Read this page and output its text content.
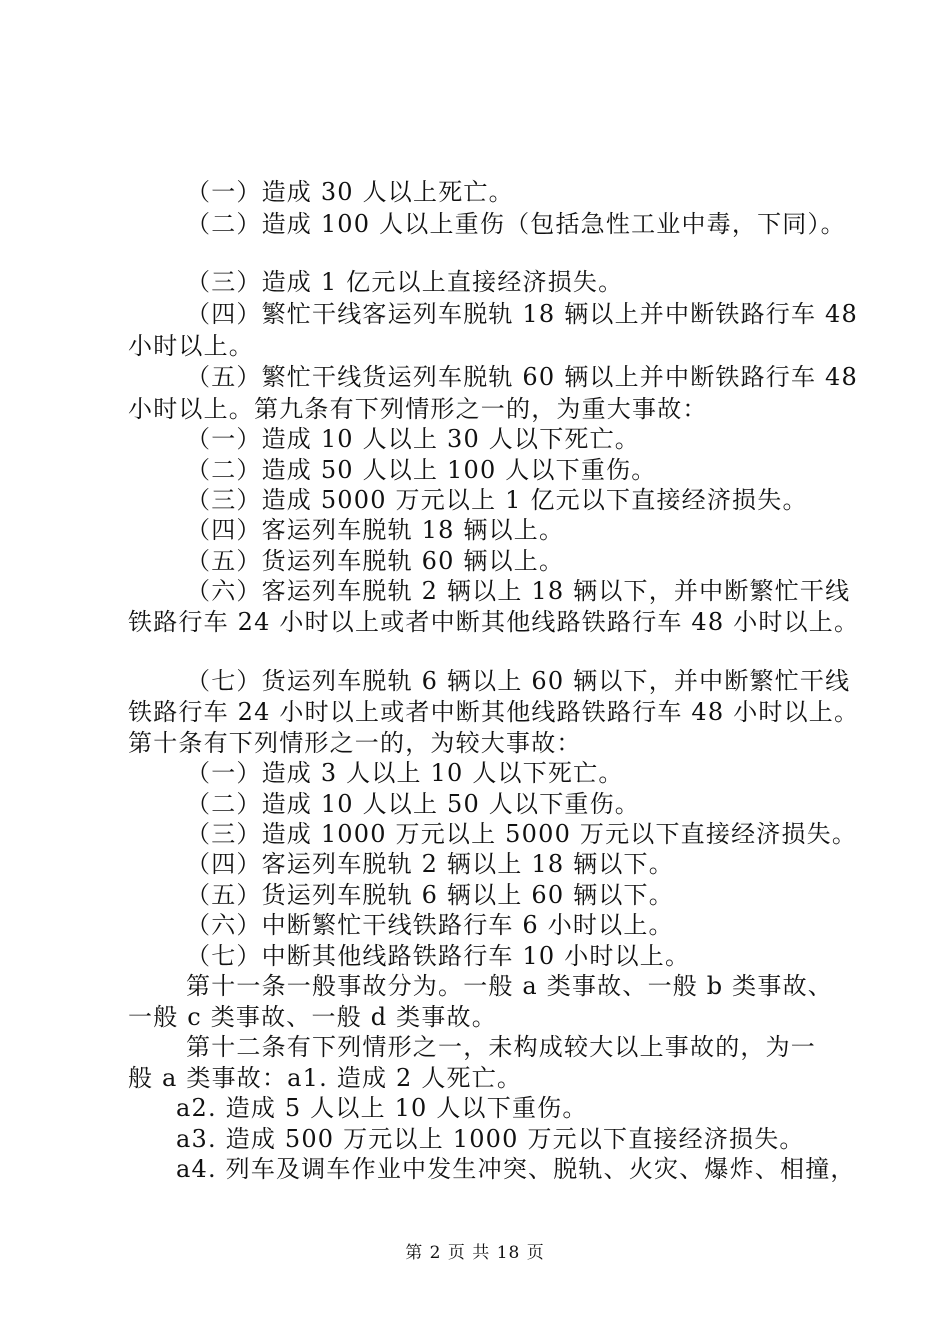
（一）造成 30 人以上死亡。
（二）造成 100 人以上重伤（包括急性工业中毒，下同）。
（三）造成 1 亿元以上直接经济损失。
（四）繁忙干线客运列车脱轨 18 辆以上并中断铁路行车 48
小时以上。
（五）繁忙干线货运列车脱轨 60 辆以上并中断铁路行车 48
小时以上。第九条有下列情形之一的，为重大事故：
（一）造成 10 人以上 30 人以下死亡。
（二）造成 50 人以上 100 人以下重伤。
（三）造成 5000 万元以上 1 亿元以下直接经济损失。
（四）客运列车脱轨 18 辆以上。
（五）货运列车脱轨 60 辆以上。
（六）客运列车脱轨 2 辆以上 18 辆以下，并中断繁忙干线
铁路行车 24 小时以上或者中断其他线路铁路行车 48 小时以上。
（七）货运列车脱轨 6 辆以上 60 辆以下，并中断繁忙干线
铁路行车 24 小时以上或者中断其他线路铁路行车 48 小时以上。
第十条有下列情形之一的，为较大事故：
（一）造成 3 人以上 10 人以下死亡。
（二）造成 10 人以上 50 人以下重伤。
（三）造成 1000 万元以上 5000 万元以下直接经济损失。
（四）客运列车脱轨 2 辆以上 18 辆以下。
（五）货运列车脱轨 6 辆以上 60 辆以下。
（六）中断繁忙干线铁路行车 6 小时以上。
（七）中断其他线路铁路行车 10 小时以上。
第十一条一般事故分为。一般 a 类事故、一般 b 类事故、
一般 c 类事故、一般 d 类事故。
第十二条有下列情形之一，未构成较大以上事故的，为一
般 a 类事故：a1. 造成 2 人死亡。
a2. 造成 5 人以上 10 人以下重伤。
a3. 造成 500 万元以上 1000 万元以下直接经济损失。
a4. 列车及调车作业中发生冲突、脱轨、火灾、爆炸、相撞，
第 2 页 共 18 页
